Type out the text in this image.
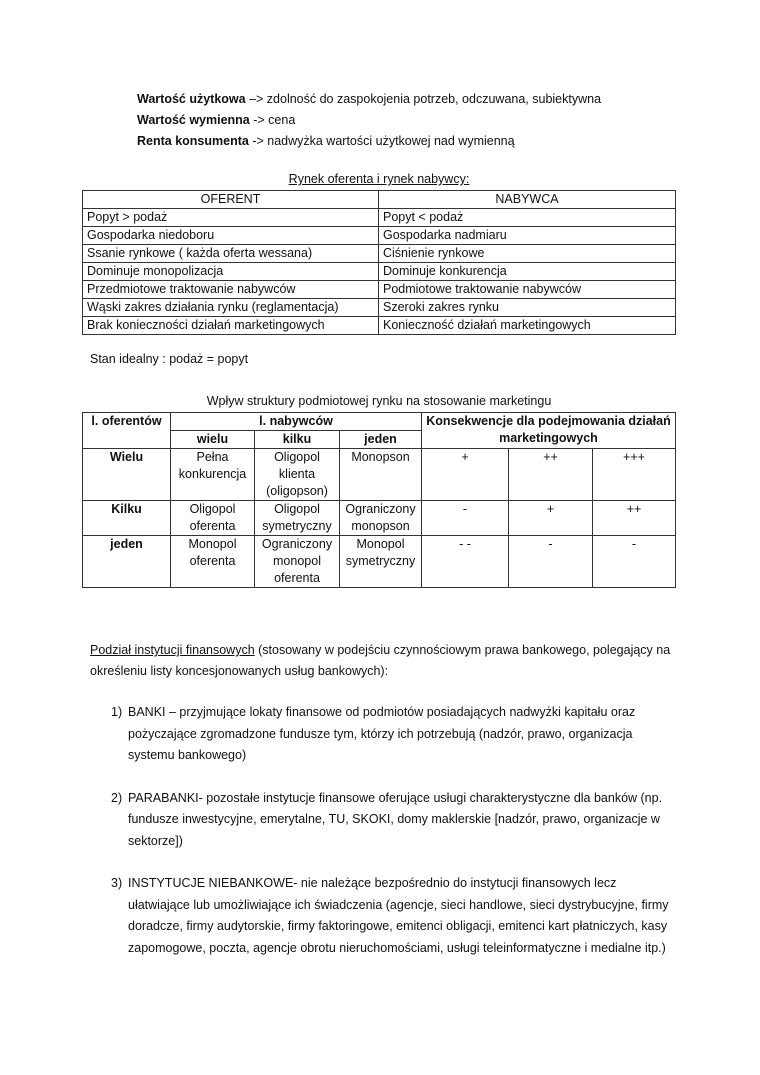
Wartość użytkowa –> zdolność do zaspokojenia potrzeb, odczuwana, subiektywna
Wartość wymienna -> cena
Renta konsumenta -> nadwyżka wartości użytkowej nad wymienną
Rynek oferenta i rynek nabywcy:
OFERENT	NABYWCA
Popyt > podaż	Popyt < podaż
Gospodarka niedoboru	Gospodarka nadmiaru
Ssanie rynkowe ( każda oferta wessana)	Ciśnienie rynkowe
Dominuje monopolizacja	Dominuje konkurencja
Przedmiotowe traktowanie nabywców	Podmiotowe traktowanie nabywców
Wąski zakres działania rynku (reglamentacja)	Szeroki zakres rynku
Brak konieczności działań marketingowych	Konieczność działań marketingowych
Stan idealny : podaż = popyt
Wpływ struktury podmiotowej rynku na stosowanie marketingu
l. oferentów	l. nabywców			Konsekwencje dla podejmowania działań marketingowych		
	wielu	kilku	jeden			
Wielu	Pełna konkurencja	Oligopol klienta (oligopson)	Monopson	+	++	+++
Kilku	Oligopol oferenta	Oligopol symetryczny	Ograniczony monopson	-	+	++
jeden	Monopol oferenta	Ograniczony monopol oferenta	Monopol symetryczny	- -	-	-
Podział instytucji finansowych (stosowany w podejściu czynnościowym prawa bankowego, polegający na określeniu listy koncesjonowanych usług bankowych):
1) BANKI – przyjmujące lokaty finansowe od podmiotów posiadających nadwyżki kapitału oraz pożyczające zgromadzone fundusze tym, którzy ich potrzebują (nadzór, prawo, organizacja systemu bankowego)
2) PARABANKI- pozostałe instytucje finansowe oferujące usługi charakterystyczne dla banków (np. fundusze inwestycyjne, emerytalne, TU, SKOKI, domy maklerskie [nadzór, prawo, organizacje w sektorze])
3) INSTYTUCJE NIEBANKOWE- nie należące bezpośrednio do instytucji finansowych lecz ułatwiające lub umożliwiające ich świadczenia (agencje, sieci handlowe, sieci dystrybucyjne, firmy doradcze, firmy audytorskie, firmy faktoringowe, emitenci obligacji, emitenci kart płatniczych, kasy zapomogowe, poczta, agencje obrotu nieruchomościami, usługi teleinformatyczne i medialne itp.)
